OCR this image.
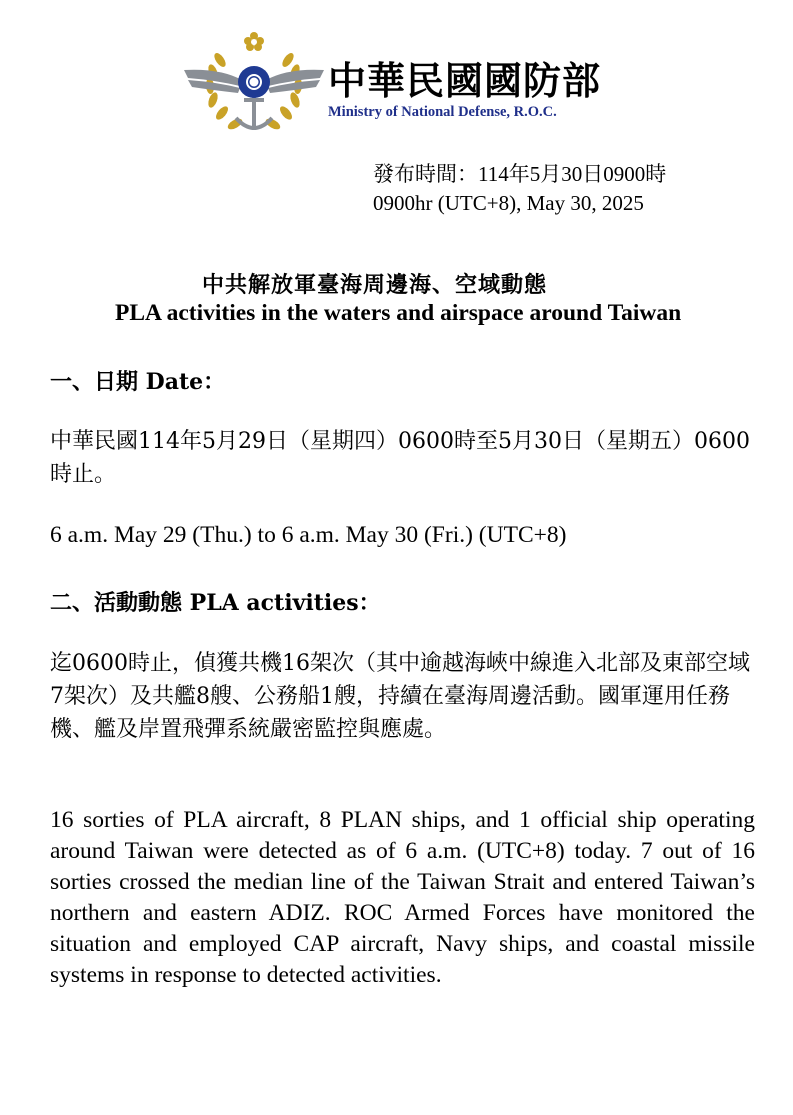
中華民國國防部
Ministry of National Defense, R.O.C.
發布時間：114年5月30日0900時
0900hr (UTC+8), May 30, 2025
中共解放軍臺海周邊海、空域動態
PLA activities in the waters and airspace around Taiwan
一、日期 Date：
中華民國114年5月29日（星期四）0600時至5月30日（星期五）0600時止。
6 a.m. May 29 (Thu.) to 6 a.m. May 30 (Fri.) (UTC+8)
二、活動動態 PLA activities：
迄0600時止，偵獲共機16架次（其中逾越海峽中線進入北部及東部空域7架次）及共艦8艘、公務船1艘，持續在臺海周邊活動。國軍運用任務機、艦及岸置飛彈系統嚴密監控與應處。
16 sorties of PLA aircraft, 8 PLAN ships, and 1 official ship operating around Taiwan were detected as of 6 a.m. (UTC+8) today. 7 out of 16 sorties crossed the median line of the Taiwan Strait and entered Taiwan’s northern and eastern ADIZ. ROC Armed Forces have monitored the situation and employed CAP aircraft, Navy ships, and coastal missile systems in response to detected activities.
